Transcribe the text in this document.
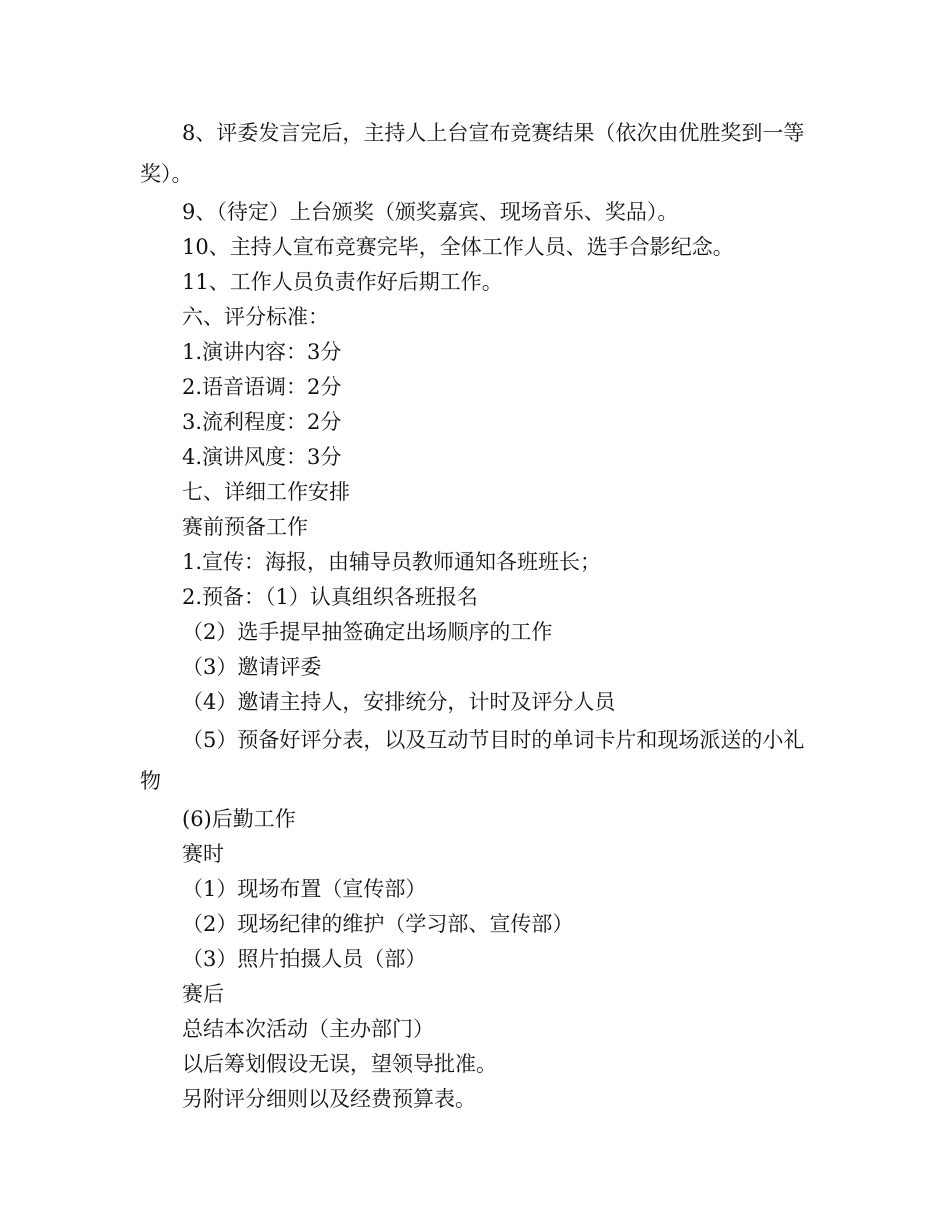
8、评委发言完后，主持人上台宣布竞赛结果（依次由优胜奖到一等奖）。

9、（待定）上台颁奖（颁奖嘉宾、现场音乐、奖品）。

10、主持人宣布竞赛完毕，全体工作人员、选手合影纪念。

11、工作人员负责作好后期工作。

六、评分标准：

1.演讲内容：3分

2.语音语调：2分

3.流利程度：2分

4.演讲风度：3分

七、详细工作安排

赛前预备工作

1.宣传：海报，由辅导员教师通知各班班长；

2.预备：（1）认真组织各班报名

（2）选手提早抽签确定出场顺序的工作

（3）邀请评委

（4）邀请主持人，安排统分，计时及评分人员

（5）预备好评分表，以及互动节目时的单词卡片和现场派送的小礼物

(6)后勤工作

赛时

（1）现场布置（宣传部）

（2）现场纪律的维护（学习部、宣传部）

（3）照片拍摄人员（部）

赛后

总结本次活动（主办部门）

以后筹划假设无误，望领导批准。

另附评分细则以及经费预算表。
